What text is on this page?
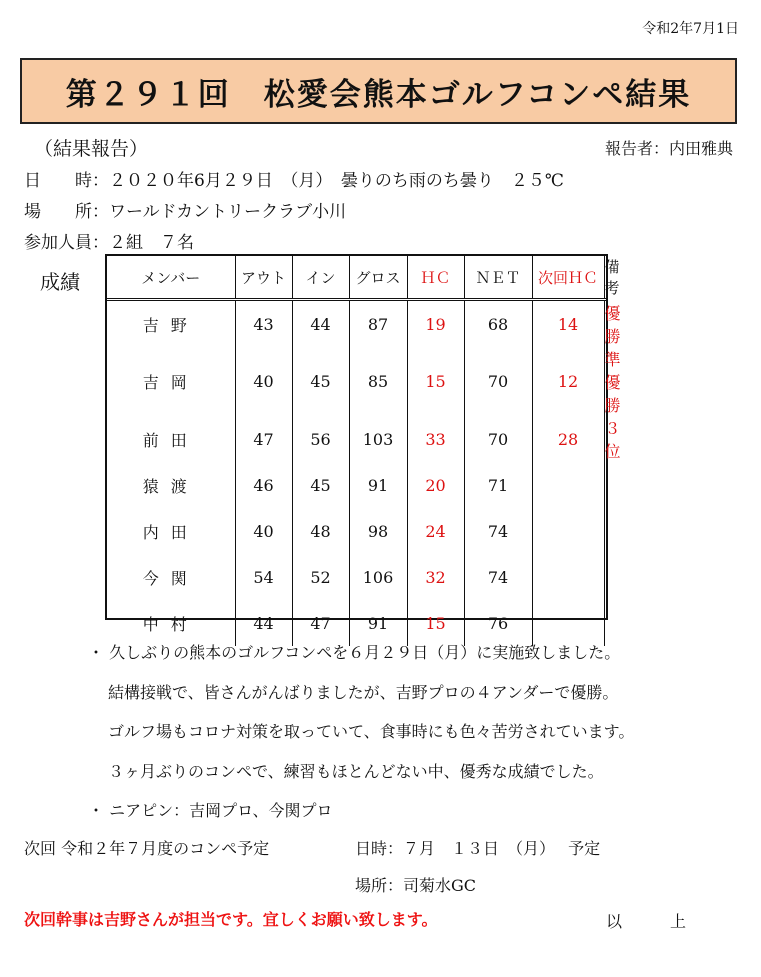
令和2年7月1日
第２９１回　松愛会熊本ゴルフコンペ結果
（結果報告）	報告者：内田雅典
日　　時：２０２０年6月２９日　（月）　曇りのち雨のち曇り　２５℃
場　　所：ワールドカントリークラブ小川
参加人員：２組　７名
成績	メンバー	アウト	イン	グロス	ＨＣ	ＮＥＴ	次回ＨＣ	備考
吉野	43	44	87	19	68	14	優勝
吉岡	40	45	85	15	70	12	準優勝
前田	47	56	103	33	70	28	３　位
猿渡	46	45	91	20	71		
内田	40	48	98	24	74		
今関	54	52	106	32	74		
中村	44	47	91	15	76		
・ 久しぶりの熊本のゴルフコンペを６月２９日（月）に実施致しました。
結構接戦で、皆さんがんばりましたが、吉野プロの４アンダーで優勝。
ゴルフ場もコロナ対策を取っていて、食事時にも色々苦労されています。
３ヶ月ぶりのコンペで、練習もほとんどない中、優秀な成績でした。
・ ニアピン：吉岡プロ、今関プロ
次回 令和２年７月度のコンペ予定	日時：７月　１３日　（月）　 予定
場所：司菊水GC
次回幹事は吉野さんが担当です。宜しくお願い致します。	以　　　上
